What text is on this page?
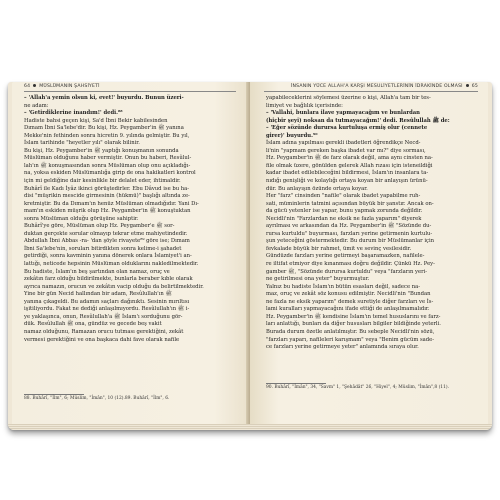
64 MÜSLÜMANIN ŞAHSİYETİ
– 'Allah'a yemin olsun ki, evet!' buyurdu. Bunun üzeri-
ne adam:
– 'Getirdiklerine inandım!' dedi.⁸⁸
Hadiste bahsi geçen kişi, Sa'd İbni Bekir kabilesinden
Dımam İbni Sa'lebe'dir. Bu kişi, Hz. Peygamber'in ﷺ yanına
Mekke'nin fethinden sonra hicretin 9. yılında gelmiştir. Bu yıl,
İslam tarihinde "heyetler yılı" olarak bilinir.
Bu kişi, Hz. Peygamber'in ﷺ yaptığı konuşmanın sonunda
Müslüman olduğunu haber vermiştir. Onun bu haberi, Resûlul-
lah'ın ﷺ konuşmasından sonra Müslüman olup onu açıkladığı-
na, yoksa eskiden Müslümanlığa girip de ona hakikatleri kontrol
için mi geldiğine dair kesinlikle bir delalet eder, ihtimaldir.
Buhârî ile Kadı İyâz ikinci görüştedirler. Ebu Dâvud ise bu ha-
disi "müşrikin mescide girmesinin (hükmü)" başlığı altında ze-
kretmiştir. Bu da Dımam'ın henüz Müslüman olmadığıdır. Yani Dı-
mam'ın eskiden müşrik olup Hz. Peygamber'in ﷺ konuştuktan
sonra Müslüman olduğu görüşüne sahiptir.
Buhârî'ye göre, Müslüman olup Hz. Peygamber'e ﷺ sor-
duktan gerçekte sorular olmayıp tekrar etme mahiyetindedir.
Abdullah İbni Abbas -ra- 'dan şöyle rivayete⁸⁹ göre ise; Dımam
İbni Sa'lebe'nin, soruları bitirdikten sonra kelime-i şahadet
getirdiği, sonra kavminin yanına dönerek onlara İslamiyet'i an-
lattığı, neticede hepsinin Müslüman olduklarını nakledilmektedir.
Bu hadiste, İslam'ın beş şartından olan namaz, oruç ve
zekâtın farz olduğu bildirilmekte, bunlarla beraber kıble olarak
ayrıca namazın, orucun ve zekâtın vacip olduğu da belirtilmektedir.
Yine bir gün Necid hallından bir adam, Resûlullah'ın ﷺ
yanına çıkageldi. Bu adamın saçları dağınıktı. Sesinin mırıltısı
işitiliyordu. Fakat ne dediği anlaşılmıyordu. Resûlullah'ın ﷺ i-
ye yaklaşınca, onun, Resûlullah'a ﷺ İslam'ı sorduğunu gör-
dük. Resûlullah ﷺ ona, gündüz ve gecede beş vakit
namaz olduğunu, Ramazan orucu tutması gerektiğini, zekât
vermesi gerektiğini ve ona başkaca dahi fave olarak nafile
88. Buhârî, "İlm", 6; Müslim, "İmân", 10 (12).89. Buhârî, "İlm", 6.
İNSANIN YÜCE ALLAH'A KARŞI MESULİYETLERİNİN İDRAKİNDE OLMASI 65
yapabileceklerini söylemesi üzerine o kişi, Allah'a tam bir tes-
limiyet ve bağlılık içerisinde:
– 'Vallahi, bunlara ilave yapmayacağım ve bunlardan
(hiçbir şeyi) noksan da tutmayacağım!' dedi. Resûlullah ﷺ de:
– 'Eğer sözünde durursa kurtuluşa ermiş olur (cennete
girer)' buyurdu.⁹⁰
İslam adına yapılması gerekli ibadetleri öğrendikçe Necd-
li'nin "yapmam gereken başka ibadet var mı?" diye sorması,
Hz. Peygamber'in ﷺ de farz olarak değil, ama aynı cinsten na-
file olmak üzere, gönülden gelerek Allah rızası için isteneildiği
kadar ibadet edilebileceğini bildirmesi, İslam'ın insanlara ta-
nıdığı genişliği ve kolaylığı ortaya koyan bir anlayışın ürünü-
dür. Bu anlayışın özünde ortaya koyar.
Her "farz" cinsinden "nafile" olarak ibadet yapabilme ruh-
sati, müminlerin tatmini açısından büyük bir şanstır. Ancak on-
da gücü yetenler ise yapar, bunu yapmak zorunda değildir.
Necidli'nin "Farzlardan ne eksik ne fazla yaparım" diyerek
ayrılması ve arkasından da Hz. Peygamber'in ﷺ "Sözünde du-
rursa kurtuldu" buyurması, farzları yerine getirmenin kurtulu-
şun yeteceğini göstermektedir. Bu durum bir Müslümanlar için
fevkalade büyük bir rahmet, ümit ve sevinç vesilesidir.
Gündüzde farzları yerine getirmeyi başaramazken, nafilele-
re iltifat etmiyor diye kınanması doğru değildir. Çünkü Hz. Pey-
gamber ﷺ, "Sözünde durursa kurtuldu" veya "farzların yeri-
ne getirilmesi ona yeter" buyurmuştur.
Yalnız bu hadiste İslam'ın bütün esasları değil, sadece na-
maz, oruç ve zekât söz konusu edilmiştir. Necidli'nin "Bundan
ne fazla ne eksik yaparım" demek suretiyle diğer farzları ve İs-
lami kuralları yapmayacağını ifade ettiği de anlaşılmamalıdır.
Hz. Peygamber'in ﷺ kendisine İslam'ın temel hususlarını ve farz-
ları anlattığı, bunları da diğer hususları bilgiler bildiğinde yeterli.
Burada durum özetle anlatılmıştır. Bu sebeple Necidli'nin sözü,
"farzları yaparı, nafileleri karışmam" veya "Benim gücüm sade-
ce farzları yerine getirmeye yeter" anlamında sıraya olur.
90. Buhârî, "İmân", 34, "Savm" 1, "Şehâdât" 26, "Hiyel", 4; Müslim, "İmân",8 (11).
